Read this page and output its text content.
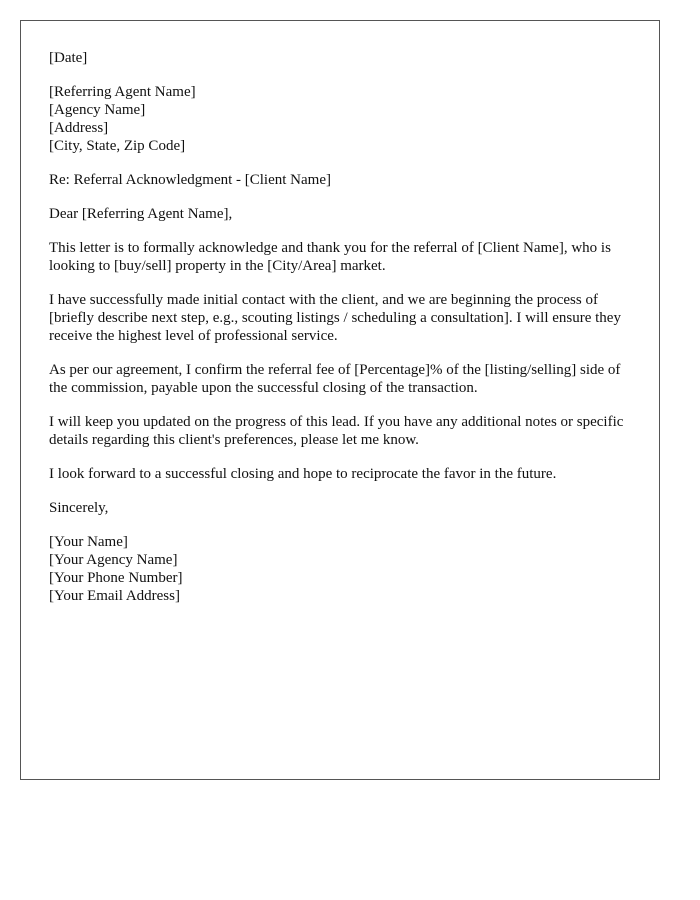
[Date]
[Referring Agent Name]
[Agency Name]
[Address]
[City, State, Zip Code]
Re: Referral Acknowledgment - [Client Name]
Dear [Referring Agent Name],

This letter is to formally acknowledge and thank you for the referral of [Client Name], who is looking to [buy/sell] property in the [City/Area] market.

I have successfully made initial contact with the client, and we are beginning the process of [briefly describe next step, e.g., scouting listings / scheduling a consultation]. I will ensure they receive the highest level of professional service.

As per our agreement, I confirm the referral fee of [Percentage]% of the [listing/selling] side of the commission, payable upon the successful closing of the transaction.

I will keep you updated on the progress of this lead. If you have any additional notes or specific details regarding this client's preferences, please let me know.

I look forward to a successful closing and hope to reciprocate the favor in the future.

Sincerely,
[Your Name]
[Your Agency Name]
[Your Phone Number]
[Your Email Address]
